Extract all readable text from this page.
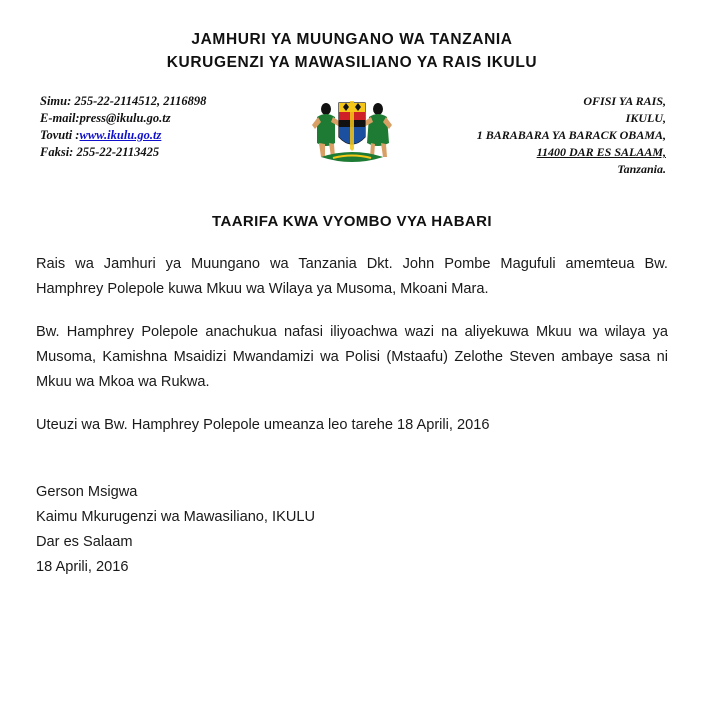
JAMHURI YA MUUNGANO WA TANZANIA
KURUGENZI YA MAWASILIANO YA RAIS IKULU
Simu: 255-22-2114512, 2116898
E-mail:press@ikulu.go.tz
Tovuti :www.ikulu.go.tz
Faksi: 255-22-2113425
OFISI YA RAIS,
IKULU,
1 BARABARA YA BARACK OBAMA,
11400 DAR ES SALAAM,
Tanzania.
TAARIFA KWA VYOMBO VYA HABARI
Rais wa Jamhuri ya Muungano wa Tanzania Dkt. John Pombe Magufuli amemteua Bw. Hamphrey Polepole kuwa Mkuu wa Wilaya ya Musoma, Mkoani Mara.
Bw. Hamphrey Polepole anachukua nafasi iliyoachwa wazi na aliyekuwa Mkuu wa wilaya ya Musoma, Kamishna Msaidizi Mwandamizi wa Polisi (Mstaafu) Zelothe Steven ambaye sasa ni Mkuu wa Mkoa wa Rukwa.
Uteuzi wa Bw. Hamphrey Polepole umeanza leo tarehe 18 Aprili, 2016
Gerson Msigwa
Kaimu Mkurugenzi wa Mawasiliano, IKULU
Dar es Salaam
18 Aprili, 2016
